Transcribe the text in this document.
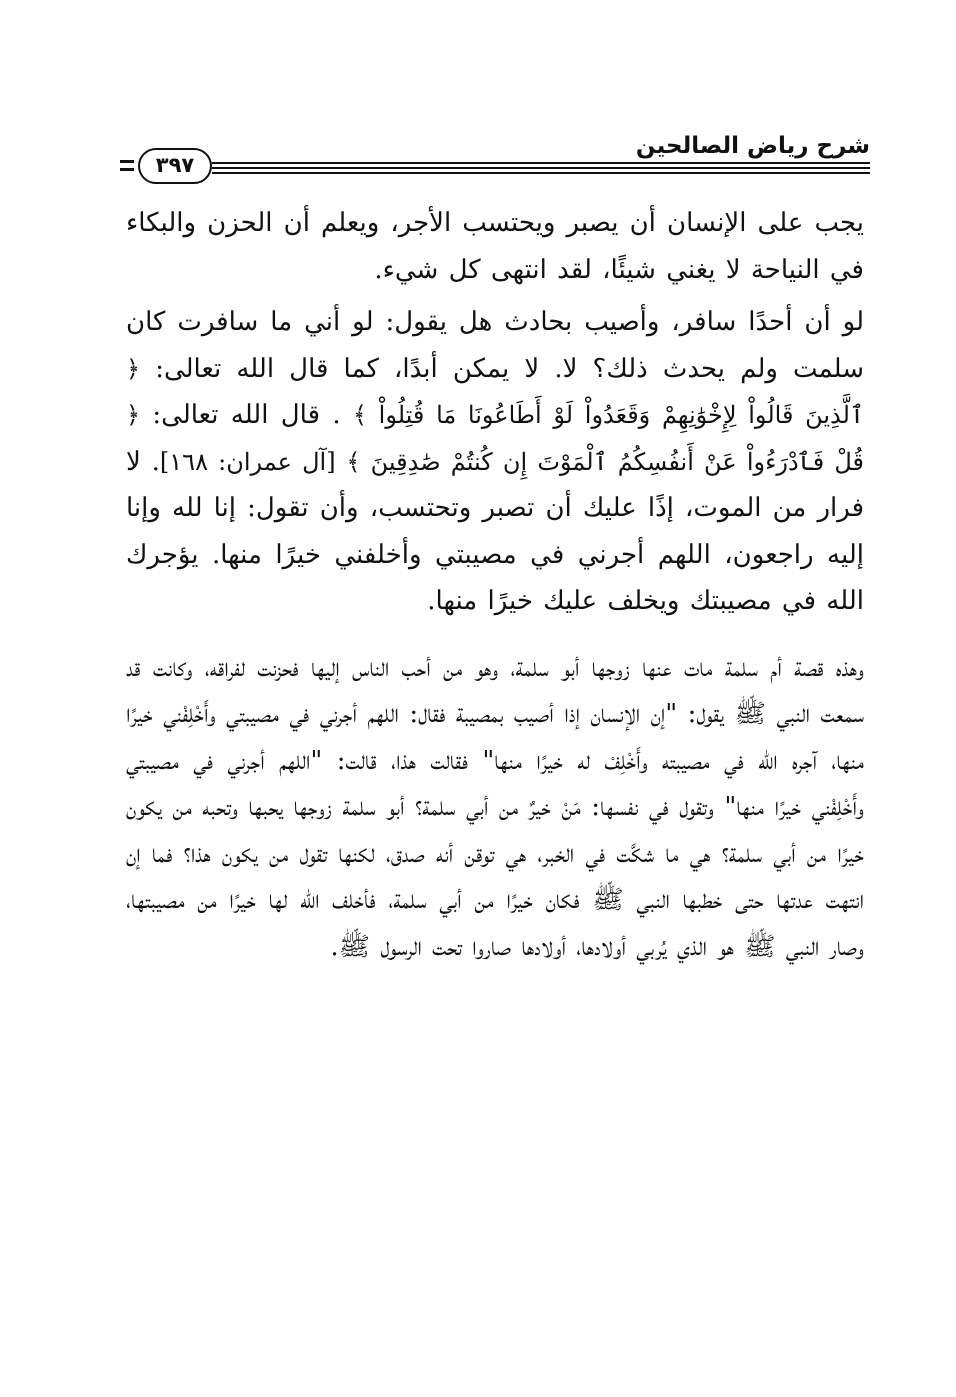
شرح رياض الصالحين
٣٩٧

يجب على الإنسان أن يصبر ويحتسب الأجر، ويعلم أن الحزن والبكاء في النياحة لا يغني شيئًا، لقد انتهى كل شيء.

لو أن أحدًا سافر، وأصيب بحادث هل يقول: لو أني ما سافرت كان سلمت ولم يحدث ذلك؟ لا. لا يمكن أبدًا، كما قال الله تعالى: ﴿ ٱلَّذِينَ قَالُواْ لِإِخْوَٰنِهِمْ وَقَعَدُواْ لَوْ أَطَاعُونَا مَا قُتِلُواْ ﴾ . قال الله تعالى: ﴿ قُلْ فَٱدْرَءُواْ عَنْ أَنفُسِكُمُ ٱلْمَوْتَ إِن كُنتُمْ صَٰدِقِينَ ﴾ [آل عمران: ١٦٨]. لا فرار من الموت، إذًا عليك أن تصبر وتحتسب، وأن تقول: إنا لله وإنا إليه راجعون، اللهم أجرني في مصيبتي وأخلفني خيرًا منها. يؤجرك الله في مصيبتك ويخلف عليك خيرًا منها.

وهذه قصة أم سلمة مات عنها زوجها أبو سلمة، وهو من أحب الناس إليها فحزنت لفراقه، وكانت قد سمعت النبي ﷺ يقول: "إن الإنسان إذا أصيب بمصيبة فقال: اللهم أجرني في مصيبتي وأَخْلِفْني خيرًا منها، آجره الله في مصيبته وأَخْلِفْ له خيرًا منها" فقالت هذا، قالت: "اللهم أجرني في مصيبتي وأَخْلِفْني خيرًا منها" وتقول في نفسها: مَنْ خيرٌ من أبي سلمة؟ أبو سلمة زوجها يحبها وتحبه من يكون خيرًا من أبي سلمة؟ هي ما شكَّت في الخبر، هي توقن أنه صدق، لكنها تقول من يكون هذا؟ فما إن انتهت عدتها حتى خطبها النبي ﷺ فكان خيرًا من أبي سلمة، فأخلف الله لها خيرًا من مصيبتها، وصار النبي ﷺ هو الذي يُربي أولادها، أولادها صاروا تحت الرسول ﷺ.
